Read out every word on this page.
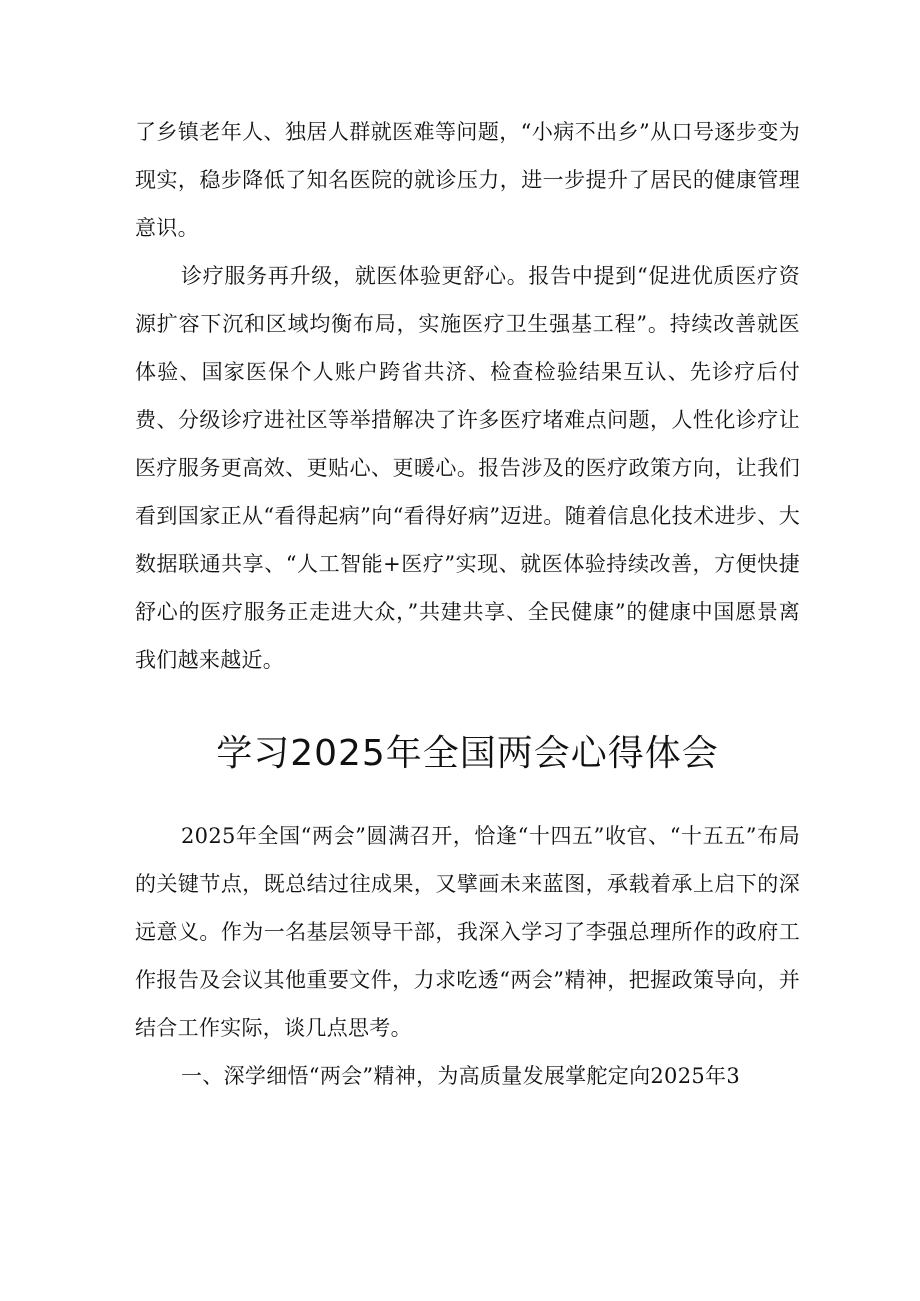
了乡镇老年人、独居人群就医难等问题，“小病不出乡”从口号逐步变为现实，稳步降低了知名医院的就诊压力，进一步提升了居民的健康管理意识。

诊疗服务再升级，就医体验更舒心。报告中提到“促进优质医疗资源扩容下沉和区域均衡布局，实施医疗卫生强基工程”。持续改善就医体验、国家医保个人账户跨省共济、检查检验结果互认、先诊疗后付费、分级诊疗进社区等举措解决了许多医疗堵难点问题，人性化诊疗让医疗服务更高效、更贴心、更暖心。报告涉及的医疗政策方向，让我们看到国家正从“看得起病”向“看得好病”迈进。随着信息化技术进步、大数据联通共享、“人工智能+医疗”实现、就医体验持续改善，方便快捷舒心的医疗服务正走进大众，”共建共享、全民健康”的健康中国愿景离我们越来越近。

学习2025年全国两会心得体会

2025年全国“两会”圆满召开，恰逢“十四五”收官、“十五五”布局的关键节点，既总结过往成果，又擘画未来蓝图，承载着承上启下的深远意义。作为一名基层领导干部，我深入学习了李强总理所作的政府工作报告及会议其他重要文件，力求吃透“两会”精神，把握政策导向，并结合工作实际，谈几点思考。

一、深学细悟“两会”精神，为高质量发展掌舵定向2025年3
